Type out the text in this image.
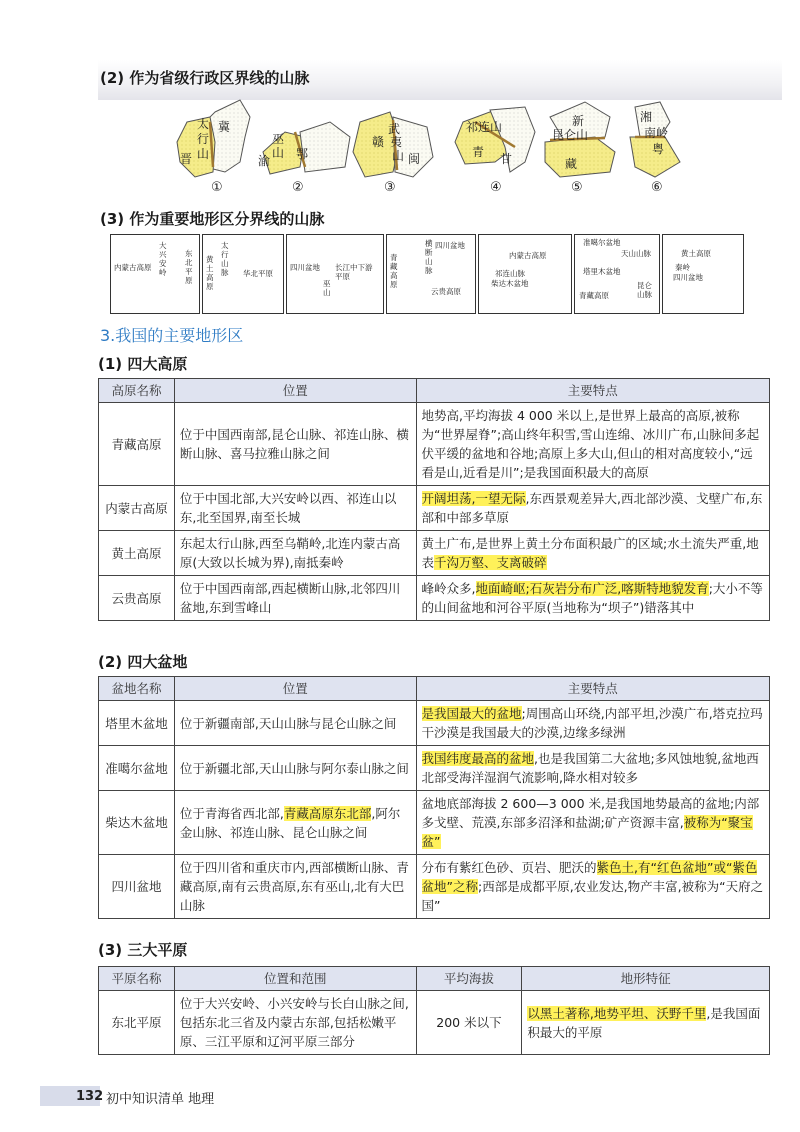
(2) 作为省级行政区界线的山脉
太
行
山
冀
晋
①
巫
山
渝 鄂
②
武
夷
山
赣
闽
③
祁连山
甘
青
④
新
昆仑山
藏
⑤
湘
南岭
粤
⑥
(3) 作为重要地形区分界线的山脉
内蒙古高原
大兴安岭
东北平原
黄土高原
太行山脉 华北平原
四川盆地
巫山
长江中下游平原
青藏高原
横断山脉
四川盆地
云贵高原
内蒙古高原
祁连山脉
柴达木盆地
准噶尔盆地
天山山脉
塔里木盆地
昆仑山脉
青藏高原
黄土高原
秦岭
四川盆地
3.我国的主要地形区
(1) 四大高原
高原名称	位置	主要特点
青藏高原	位于中国西南部,昆仑山脉、祁连山脉、横断山脉、喜马拉雅山脉之间	地势高,平均海拔 4 000 米以上,是世界上最高的高原,被称为“世界屋脊”;高山终年积雪,雪山连绵、冰川广布,山脉间多起伏平缓的盆地和谷地;高原上多大山,但山的相对高度较小,“远看是山,近看是川”;是我国面积最大的高原
内蒙古高原	位于中国北部,大兴安岭以西、祁连山以东,北至国界,南至长城	开阔坦荡,一望无际,东西景观差异大,西北部沙漠、戈壁广布,东部和中部多草原
黄土高原	东起太行山脉,西至乌鞘岭,北连内蒙古高原(大致以长城为界),南抵秦岭	黄土广布,是世界上黄土分布面积最广的区域;水土流失严重,地表千沟万壑、支离破碎
云贵高原	位于中国西南部,西起横断山脉,北邻四川盆地,东到雪峰山	峰岭众多,地面崎岖;石灰岩分布广泛,喀斯特地貌发育;大小不等的山间盆地和河谷平原(当地称为“坝子”)错落其中
(2) 四大盆地
盆地名称	位置	主要特点
塔里木盆地	位于新疆南部,天山山脉与昆仑山脉之间	是我国最大的盆地;周围高山环绕,内部平坦,沙漠广布,塔克拉玛干沙漠是我国最大的沙漠,边缘多绿洲
准噶尔盆地	位于新疆北部,天山山脉与阿尔泰山脉之间	我国纬度最高的盆地,也是我国第二大盆地;多风蚀地貌,盆地西北部受海洋湿润气流影响,降水相对较多
柴达木盆地	位于青海省西北部,青藏高原东北部,阿尔金山脉、祁连山脉、昆仑山脉之间	盆地底部海拔 2 600—3 000 米,是我国地势最高的盆地;内部多戈壁、荒漠,东部多沼泽和盐湖;矿产资源丰富,被称为“聚宝盆”
四川盆地	位于四川省和重庆市内,西部横断山脉、青藏高原,南有云贵高原,东有巫山,北有大巴山脉	分布有紫红色砂、页岩、肥沃的紫色土,有“红色盆地”或“紫色盆地”之称;西部是成都平原,农业发达,物产丰富,被称为“天府之国”
(3) 三大平原
平原名称	位置和范围	平均海拔	地形特征
东北平原	位于大兴安岭、小兴安岭与长白山脉之间,包括东北三省及内蒙古东部,包括松嫩平原、三江平原和辽河平原三部分	200 米以下	以黑土著称,地势平坦、沃野千里,是我国面积最大的平原
132 初中知识清单 地理
